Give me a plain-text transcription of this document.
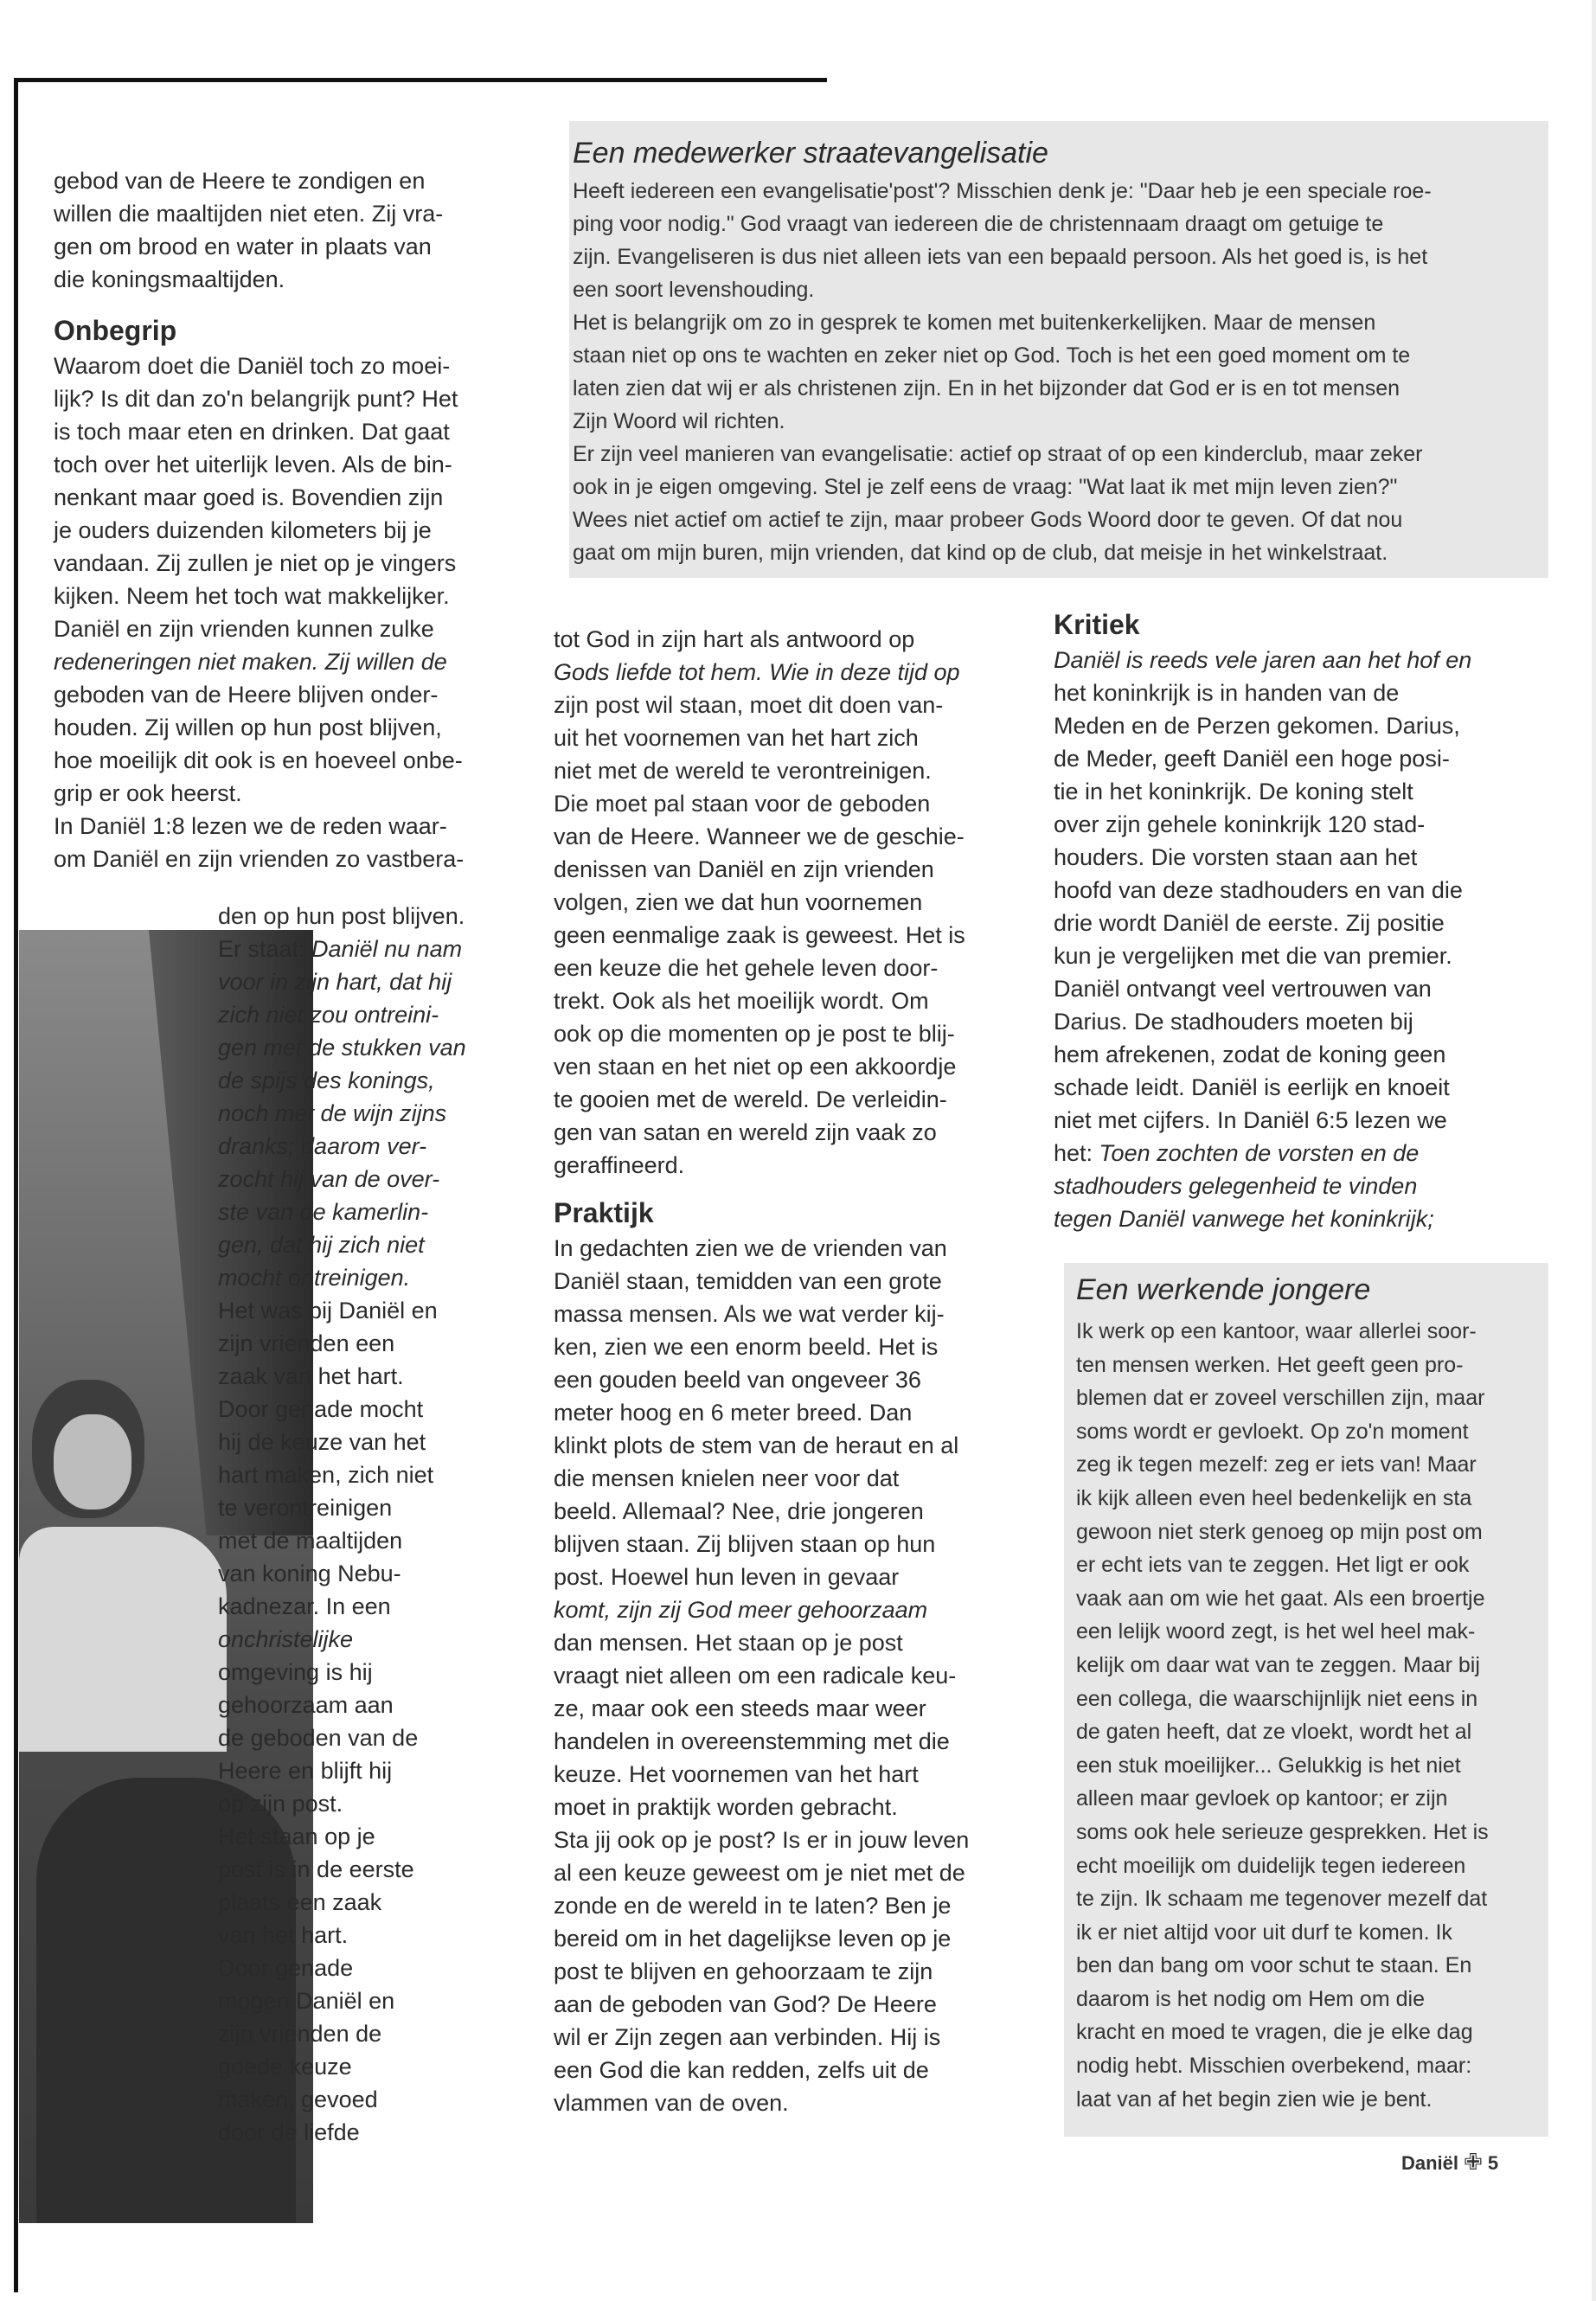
gebod van de Heere te zondigen en
willen die maaltijden niet eten. Zij vra-
gen om brood en water in plaats van
die koningsmaaltijden.

Onbegrip

Waarom doet die Daniël toch zo moei-
lijk? Is dit dan zo'n belangrijk punt? Het
is toch maar eten en drinken. Dat gaat
toch over het uiterlijk leven. Als de bin-
nenkant maar goed is. Bovendien zijn
je ouders duizenden kilometers bij je
vandaan. Zij zullen je niet op je vingers
kijken. Neem het toch wat makkelijker.
Daniël en zijn vrienden kunnen zulke
redeneringen niet maken. Zij willen de
geboden van de Heere blijven onder-
houden. Zij willen op hun post blijven,
hoe moeilijk dit ook is en hoeveel onbe-
grip er ook heerst.

In Daniël 1:8 lezen we de reden waar-
om Daniël en zijn vrienden zo vastbera-

den op hun post blijven.

Er staat: Daniël nu nam
voor in zijn hart, dat hij
zich niet zou ontreini-
gen met de stukken van
de spijs des konings,
noch met de wijn zijns
dranks; daarom ver-
zocht hij van de over-
ste van de kamerlin-
gen, dat hij zich niet
mocht ontreinigen.

Het was bij Daniël en
zijn vrienden een
zaak van het hart.
Door genade mocht
hij de keuze van het
hart maken, zich niet
te verontreinigen
met de maaltijden
van koning Nebu-
kadnezar. In een
onchristelijke
omgeving is hij
gehoorzaam aan
de geboden van de
Heere en blijft hij
op zijn post.

Het staan op je
post is in de eerste
plaats een zaak
van het hart.
Door genade
mogen Daniël en
zijn vrienden de
goede keuze
maken, gevoed
door de liefde

Een medewerker straatevangelisatie

Heeft iedereen een evangelisatie'post'? Misschien denk je: "Daar heb je een speciale roe-
ping voor nodig." God vraagt van iedereen die de christennaam draagt om getuige te
zijn. Evangeliseren is dus niet alleen iets van een bepaald persoon. Als het goed is, is het
een soort levenshouding.

Het is belangrijk om zo in gesprek te komen met buitenkerkelijken. Maar de mensen
staan niet op ons te wachten en zeker niet op God. Toch is het een goed moment om te
laten zien dat wij er als christenen zijn. En in het bijzonder dat God er is en tot mensen
Zijn Woord wil richten.

Er zijn veel manieren van evangelisatie: actief op straat of op een kinderclub, maar zeker
ook in je eigen omgeving. Stel je zelf eens de vraag: "Wat laat ik met mijn leven zien?"
Wees niet actief om actief te zijn, maar probeer Gods Woord door te geven. Of dat nou
gaat om mijn buren, mijn vrienden, dat kind op de club, dat meisje in het winkelstraat.

tot God in zijn hart als antwoord op
Gods liefde tot hem. Wie in deze tijd op
zijn post wil staan, moet dit doen van-
uit het voornemen van het hart zich
niet met de wereld te verontreinigen.
Die moet pal staan voor de geboden
van de Heere. Wanneer we de geschie-
denissen van Daniël en zijn vrienden
volgen, zien we dat hun voornemen
geen eenmalige zaak is geweest. Het is
een keuze die het gehele leven door-
trekt. Ook als het moeilijk wordt. Om
ook op die momenten op je post te blij-
ven staan en het niet op een akkoordje
te gooien met de wereld. De verleidin-
gen van satan en wereld zijn vaak zo
geraffineerd.

Praktijk

In gedachten zien we de vrienden van
Daniël staan, temidden van een grote
massa mensen. Als we wat verder kij-
ken, zien we een enorm beeld. Het is
een gouden beeld van ongeveer 36
meter hoog en 6 meter breed. Dan
klinkt plots de stem van de heraut en al
die mensen knielen neer voor dat
beeld. Allemaal? Nee, drie jongeren
blijven staan. Zij blijven staan op hun
post. Hoewel hun leven in gevaar
komt, zijn zij God meer gehoorzaam
dan mensen. Het staan op je post
vraagt niet alleen om een radicale keu-
ze, maar ook een steeds maar weer
handelen in overeenstemming met die
keuze. Het voornemen van het hart
moet in praktijk worden gebracht.

Sta jij ook op je post? Is er in jouw leven
al een keuze geweest om je niet met de
zonde en de wereld in te laten? Ben je
bereid om in het dagelijkse leven op je
post te blijven en gehoorzaam te zijn
aan de geboden van God? De Heere
wil er Zijn zegen aan verbinden. Hij is
een God die kan redden, zelfs uit de
vlammen van de oven.

Kritiek

Daniël is reeds vele jaren aan het hof en
het koninkrijk is in handen van de
Meden en de Perzen gekomen. Darius,
de Meder, geeft Daniël een hoge posi-
tie in het koninkrijk. De koning stelt
over zijn gehele koninkrijk 120 stad-
houders. Die vorsten staan aan het
hoofd van deze stadhouders en van die
drie wordt Daniël de eerste. Zij positie
kun je vergelijken met die van premier.
Daniël ontvangt veel vertrouwen van
Darius. De stadhouders moeten bij
hem afrekenen, zodat de koning geen
schade leidt. Daniël is eerlijk en knoeit
niet met cijfers. In Daniël 6:5 lezen we
het: Toen zochten de vorsten en de
stadhouders gelegenheid te vinden
tegen Daniël vanwege het koninkrijk;

Een werkende jongere

Ik werk op een kantoor, waar allerlei soor-
ten mensen werken. Het geeft geen pro-
blemen dat er zoveel verschillen zijn, maar
soms wordt er gevloekt. Op zo'n moment
zeg ik tegen mezelf: zeg er iets van! Maar
ik kijk alleen even heel bedenkelijk en sta
gewoon niet sterk genoeg op mijn post om
er echt iets van te zeggen. Het ligt er ook
vaak aan om wie het gaat. Als een broertje
een lelijk woord zegt, is het wel heel mak-
kelijk om daar wat van te zeggen. Maar bij
een collega, die waarschijnlijk niet eens in
de gaten heeft, dat ze vloekt, wordt het al
een stuk moeilijker... Gelukkig is het niet
alleen maar gevloek op kantoor; er zijn
soms ook hele serieuze gesprekken. Het is
echt moeilijk om duidelijk tegen iedereen
te zijn. Ik schaam me tegenover mezelf dat
ik er niet altijd voor uit durf te komen. Ik
ben dan bang om voor schut te staan. En
daarom is het nodig om Hem om die
kracht en moed te vragen, die je elke dag
nodig hebt. Misschien overbekend, maar:
laat van af het begin zien wie je bent.

Daniël ✙ 5
